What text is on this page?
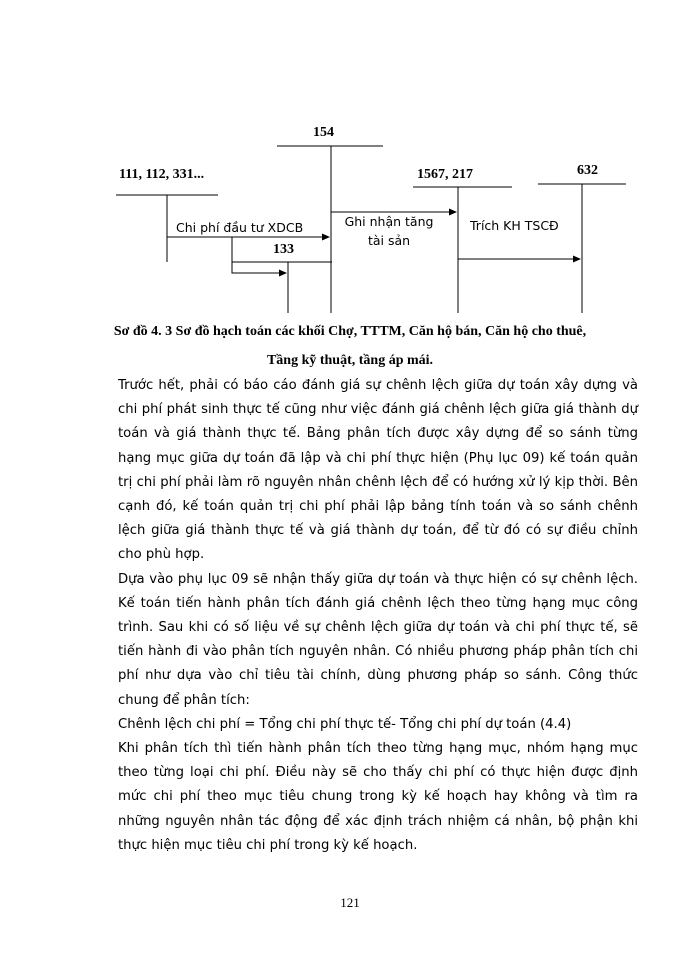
111, 112, 331...
154
133
1567, 217	632
Chi phí đầu tư XDCB	Ghi nhận tăng tài sản
Trích KH TSCĐ
Sơ đồ 4. 3 Sơ đồ hạch toán các khối Chợ, TTTM, Căn hộ bán, Căn hộ cho thuê,
Tầng kỹ thuật, tầng áp mái.

Trước hết, phải có báo cáo đánh giá sự chênh lệch giữa dự toán xây dựng và chi phí phát sinh thực tế cũng như việc đánh giá chênh lệch giữa giá thành dự toán và giá thành thực tế. Bảng phân tích được xây dựng để so sánh từng hạng mục giữa dự toán đã lập và chi phí thực hiện (Phụ lục 09) kế toán quản trị chi phí phải làm rõ nguyên nhân chênh lệch để có hướng xử lý kịp thời. Bên cạnh đó, kế toán quản trị chi phí phải lập bảng tính toán và so sánh chênh lệch giữa giá thành thực tế và giá thành dự toán, để từ đó có sự điều chỉnh cho phù hợp.

Dựa vào phụ lục 09 sẽ nhận thấy giữa dự toán và thực hiện có sự chênh lệch. Kế toán tiến hành phân tích đánh giá chênh lệch theo từng hạng mục công trình. Sau khi có số liệu về sự chênh lệch giữa dự toán và chi phí thực tế, sẽ tiến hành đi vào phân tích nguyên nhân. Có nhiều phương pháp phân tích chi phí như dựa vào chỉ tiêu tài chính, dùng phương pháp so sánh. Công thức chung để phân tích:

Chênh lệch chi phí = Tổng chi phí thực tế- Tổng chi phí dự toán (4.4)

Khi phân tích thì tiến hành phân tích theo từng hạng mục, nhóm hạng mục theo từng loại chi phí. Điều này sẽ cho thấy chi phí có thực hiện được định mức chi phí theo mục tiêu chung trong kỳ kế hoạch hay không và tìm ra những nguyên nhân tác động để xác định trách nhiệm cá nhân, bộ phận khi thực hiện mục tiêu chi phí trong kỳ kế hoạch.

121
